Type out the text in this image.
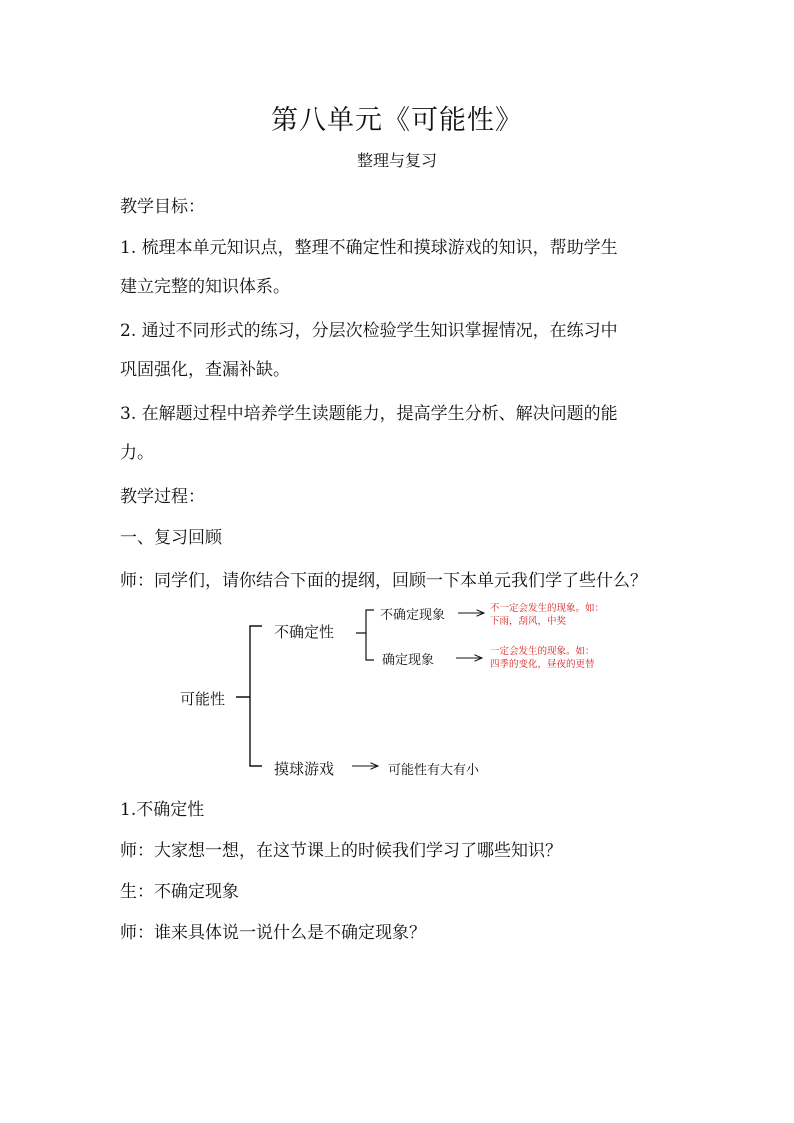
第八单元《可能性》
整理与复习
教学目标：
1. 梳理本单元知识点，整理不确定性和摸球游戏的知识，帮助学生
建立完整的知识体系。
2. 通过不同形式的练习，分层次检验学生知识掌握情况，在练习中
巩固强化，查漏补缺。
3. 在解题过程中培养学生读题能力，提高学生分析、解决问题的能
力。
教学过程：
一、复习回顾
师：同学们，请你结合下面的提纲，回顾一下本单元我们学了些什么？
可能性
不确定性
摸球游戏
不确定现象
确定现象
可能性有大有小
不一定会发生的现象。如：
下雨，刮风，中奖
一定会发生的现象。如：
四季的变化，昼夜的更替
1.不确定性
师：大家想一想，在这节课上的时候我们学习了哪些知识？
生：不确定现象
师：谁来具体说一说什么是不确定现象？
